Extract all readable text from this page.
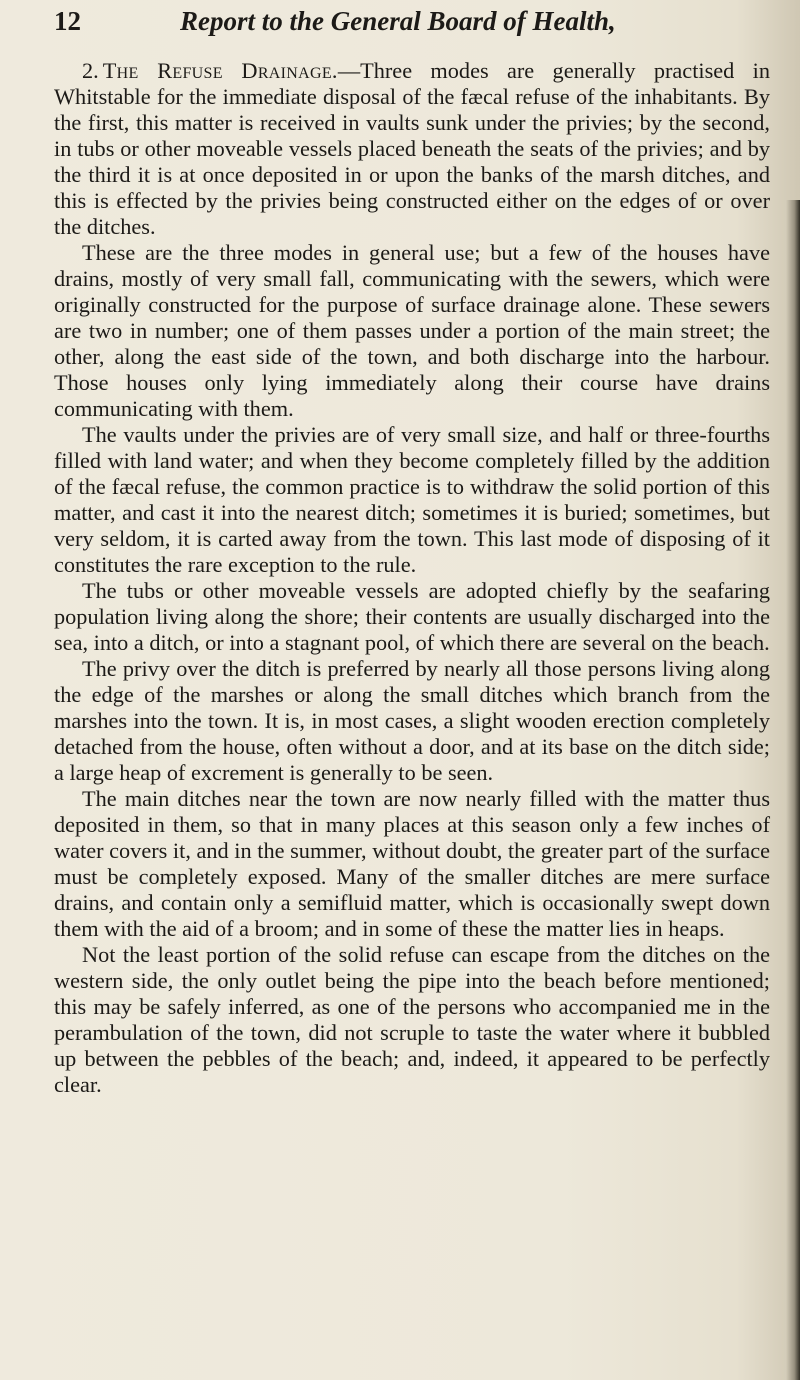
12	Report to the General Board of Health,

2. The Refuse Drainage.—Three modes are generally practised in Whitstable for the immediate disposal of the fæcal refuse of the inhabitants. By the first, this matter is received in vaults sunk under the privies; by the second, in tubs or other moveable vessels placed beneath the seats of the privies; and by the third it is at once deposited in or upon the banks of the marsh ditches, and this is effected by the privies being constructed either on the edges of or over the ditches.

These are the three modes in general use; but a few of the houses have drains, mostly of very small fall, communicating with the sewers, which were originally constructed for the purpose of surface drainage alone. These sewers are two in number; one of them passes under a portion of the main street; the other, along the east side of the town, and both discharge into the harbour. Those houses only lying immediately along their course have drains communicating with them.

The vaults under the privies are of very small size, and half or three-fourths filled with land water; and when they become completely filled by the addition of the fæcal refuse, the common practice is to withdraw the solid portion of this matter, and cast it into the nearest ditch; sometimes it is buried; sometimes, but very seldom, it is carted away from the town. This last mode of disposing of it constitutes the rare exception to the rule.

The tubs or other moveable vessels are adopted chiefly by the seafaring population living along the shore; their contents are usually discharged into the sea, into a ditch, or into a stagnant pool, of which there are several on the beach.

The privy over the ditch is preferred by nearly all those persons living along the edge of the marshes or along the small ditches which branch from the marshes into the town. It is, in most cases, a slight wooden erection completely detached from the house, often without a door, and at its base on the ditch side; a large heap of excrement is generally to be seen.

The main ditches near the town are now nearly filled with the matter thus deposited in them, so that in many places at this season only a few inches of water covers it, and in the summer, without doubt, the greater part of the surface must be completely exposed. Many of the smaller ditches are mere surface drains, and contain only a semifluid matter, which is occasionally swept down them with the aid of a broom; and in some of these the matter lies in heaps.

Not the least portion of the solid refuse can escape from the ditches on the western side, the only outlet being the pipe into the beach before mentioned; this may be safely inferred, as one of the persons who accompanied me in the perambulation of the town, did not scruple to taste the water where it bubbled up between the pebbles of the beach; and, indeed, it appeared to be perfectly clear.
